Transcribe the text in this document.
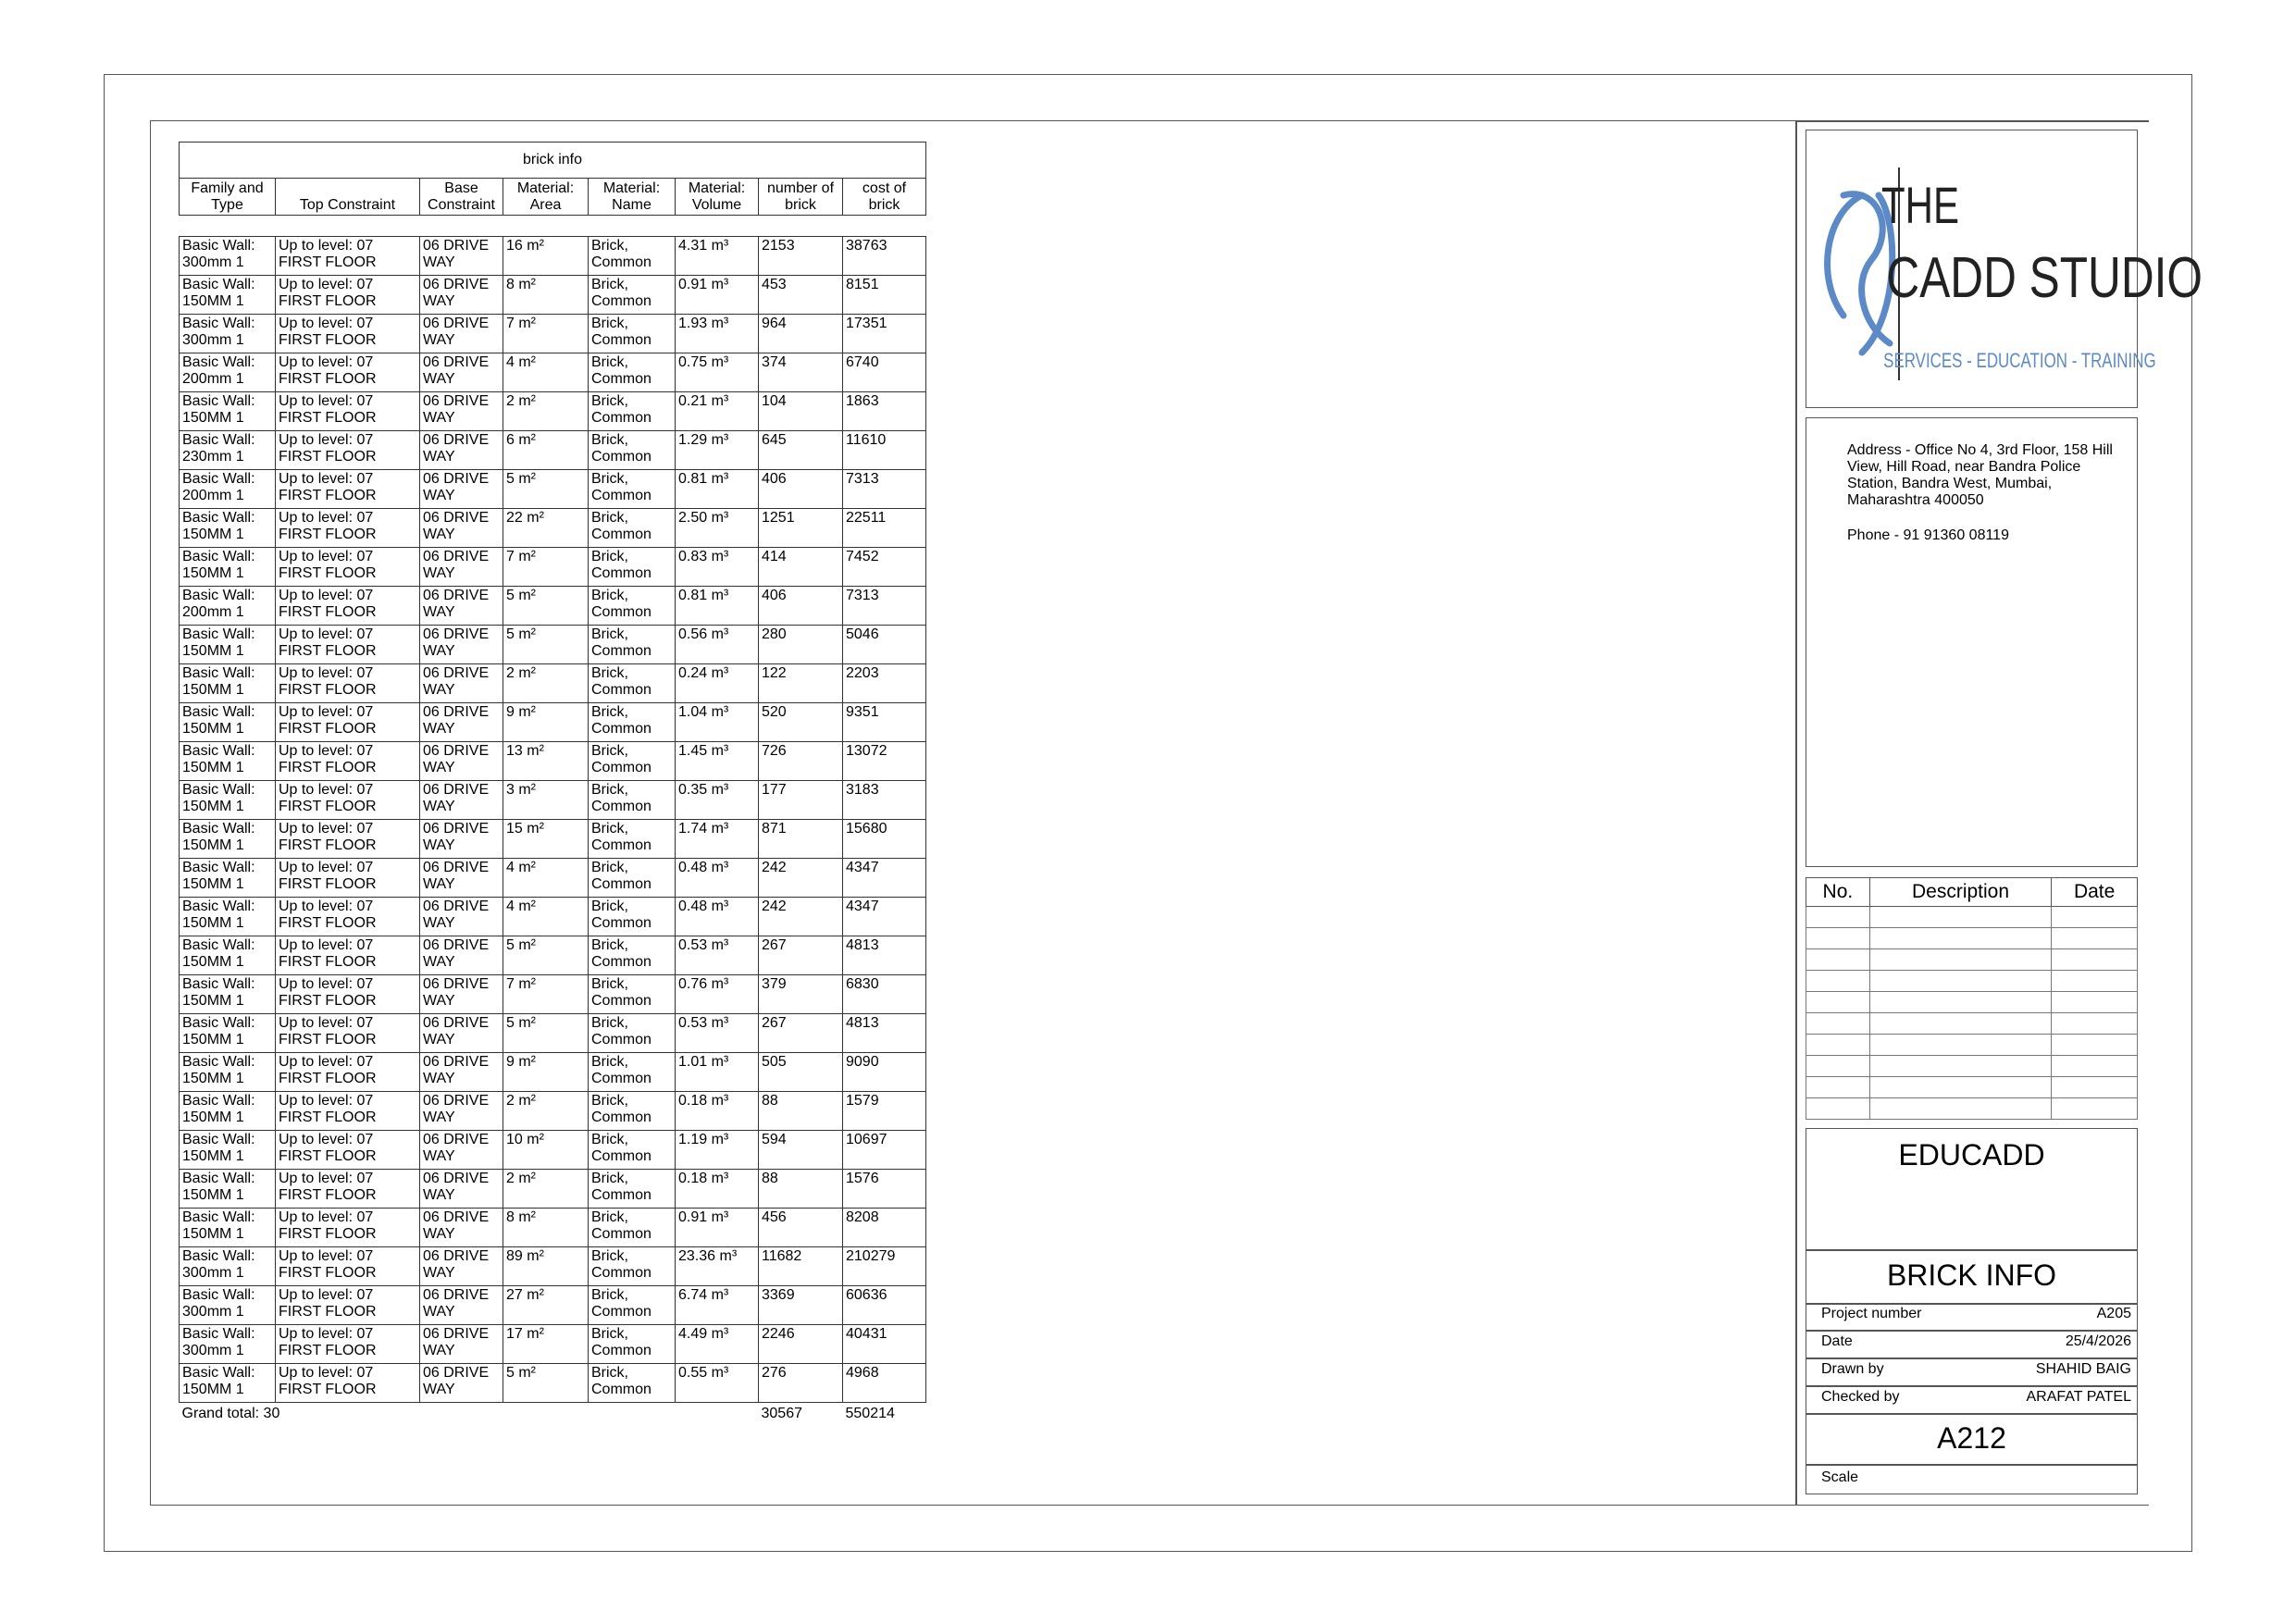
brick info							
Family and Type	Top Constraint	Base Constraint	Material: Area	Material: Name	Material: Volume	number of brick	cost of brick

Basic Wall: 300mm 1	Up to level: 07 FIRST FLOOR	06 DRIVE WAY	16 m²	Brick, Common	4.31 m³	2153	38763
Basic Wall: 150MM 1	Up to level: 07 FIRST FLOOR	06 DRIVE WAY	8 m²	Brick, Common	0.91 m³	453	8151
Basic Wall: 300mm 1	Up to level: 07 FIRST FLOOR	06 DRIVE WAY	7 m²	Brick, Common	1.93 m³	964	17351
Basic Wall: 200mm 1	Up to level: 07 FIRST FLOOR	06 DRIVE WAY	4 m²	Brick, Common	0.75 m³	374	6740
Basic Wall: 150MM 1	Up to level: 07 FIRST FLOOR	06 DRIVE WAY	2 m²	Brick, Common	0.21 m³	104	1863
Basic Wall: 230mm 1	Up to level: 07 FIRST FLOOR	06 DRIVE WAY	6 m²	Brick, Common	1.29 m³	645	11610
Basic Wall: 200mm 1	Up to level: 07 FIRST FLOOR	06 DRIVE WAY	5 m²	Brick, Common	0.81 m³	406	7313
Basic Wall: 150MM 1	Up to level: 07 FIRST FLOOR	06 DRIVE WAY	22 m²	Brick, Common	2.50 m³	1251	22511
Basic Wall: 150MM 1	Up to level: 07 FIRST FLOOR	06 DRIVE WAY	7 m²	Brick, Common	0.83 m³	414	7452
Basic Wall: 200mm 1	Up to level: 07 FIRST FLOOR	06 DRIVE WAY	5 m²	Brick, Common	0.81 m³	406	7313
Basic Wall: 150MM 1	Up to level: 07 FIRST FLOOR	06 DRIVE WAY	5 m²	Brick, Common	0.56 m³	280	5046
Basic Wall: 150MM 1	Up to level: 07 FIRST FLOOR	06 DRIVE WAY	2 m²	Brick, Common	0.24 m³	122	2203
Basic Wall: 150MM 1	Up to level: 07 FIRST FLOOR	06 DRIVE WAY	9 m²	Brick, Common	1.04 m³	520	9351
Basic Wall: 150MM 1	Up to level: 07 FIRST FLOOR	06 DRIVE WAY	13 m²	Brick, Common	1.45 m³	726	13072
Basic Wall: 150MM 1	Up to level: 07 FIRST FLOOR	06 DRIVE WAY	3 m²	Brick, Common	0.35 m³	177	3183
Basic Wall: 150MM 1	Up to level: 07 FIRST FLOOR	06 DRIVE WAY	15 m²	Brick, Common	1.74 m³	871	15680
Basic Wall: 150MM 1	Up to level: 07 FIRST FLOOR	06 DRIVE WAY	4 m²	Brick, Common	0.48 m³	242	4347
Basic Wall: 150MM 1	Up to level: 07 FIRST FLOOR	06 DRIVE WAY	4 m²	Brick, Common	0.48 m³	242	4347
Basic Wall: 150MM 1	Up to level: 07 FIRST FLOOR	06 DRIVE WAY	5 m²	Brick, Common	0.53 m³	267	4813
Basic Wall: 150MM 1	Up to level: 07 FIRST FLOOR	06 DRIVE WAY	7 m²	Brick, Common	0.76 m³	379	6830
Basic Wall: 150MM 1	Up to level: 07 FIRST FLOOR	06 DRIVE WAY	5 m²	Brick, Common	0.53 m³	267	4813
Basic Wall: 150MM 1	Up to level: 07 FIRST FLOOR	06 DRIVE WAY	9 m²	Brick, Common	1.01 m³	505	9090
Basic Wall: 150MM 1	Up to level: 07 FIRST FLOOR	06 DRIVE WAY	2 m²	Brick, Common	0.18 m³	88	1579
Basic Wall: 150MM 1	Up to level: 07 FIRST FLOOR	06 DRIVE WAY	10 m²	Brick, Common	1.19 m³	594	10697
Basic Wall: 150MM 1	Up to level: 07 FIRST FLOOR	06 DRIVE WAY	2 m²	Brick, Common	0.18 m³	88	1576
Basic Wall: 150MM 1	Up to level: 07 FIRST FLOOR	06 DRIVE WAY	8 m²	Brick, Common	0.91 m³	456	8208
Basic Wall: 300mm 1	Up to level: 07 FIRST FLOOR	06 DRIVE WAY	89 m²	Brick, Common	23.36 m³	11682	210279
Basic Wall: 300mm 1	Up to level: 07 FIRST FLOOR	06 DRIVE WAY	27 m²	Brick, Common	6.74 m³	3369	60636
Basic Wall: 300mm 1	Up to level: 07 FIRST FLOOR	06 DRIVE WAY	17 m²	Brick, Common	4.49 m³	2246	40431
Basic Wall: 150MM 1	Up to level: 07 FIRST FLOOR	06 DRIVE WAY	5 m²	Brick, Common	0.55 m³	276	4968
Grand total: 30						30567	550214
THE
CADD STUDIO
SERVICES - EDUCATION - TRAINING
Address - Office No 4, 3rd Floor, 158 Hill View, Hill Road, near Bandra Police Station, Bandra West, Mumbai, Maharashtra 400050
Phone - 91 91360 08119
No.	Description	Date

EDUCADD
BRICK INFO
Project number	A205
Date	25/4/2026
Drawn by	SHAHID BAIG
Checked by	ARAFAT PATEL
A212
Scale
